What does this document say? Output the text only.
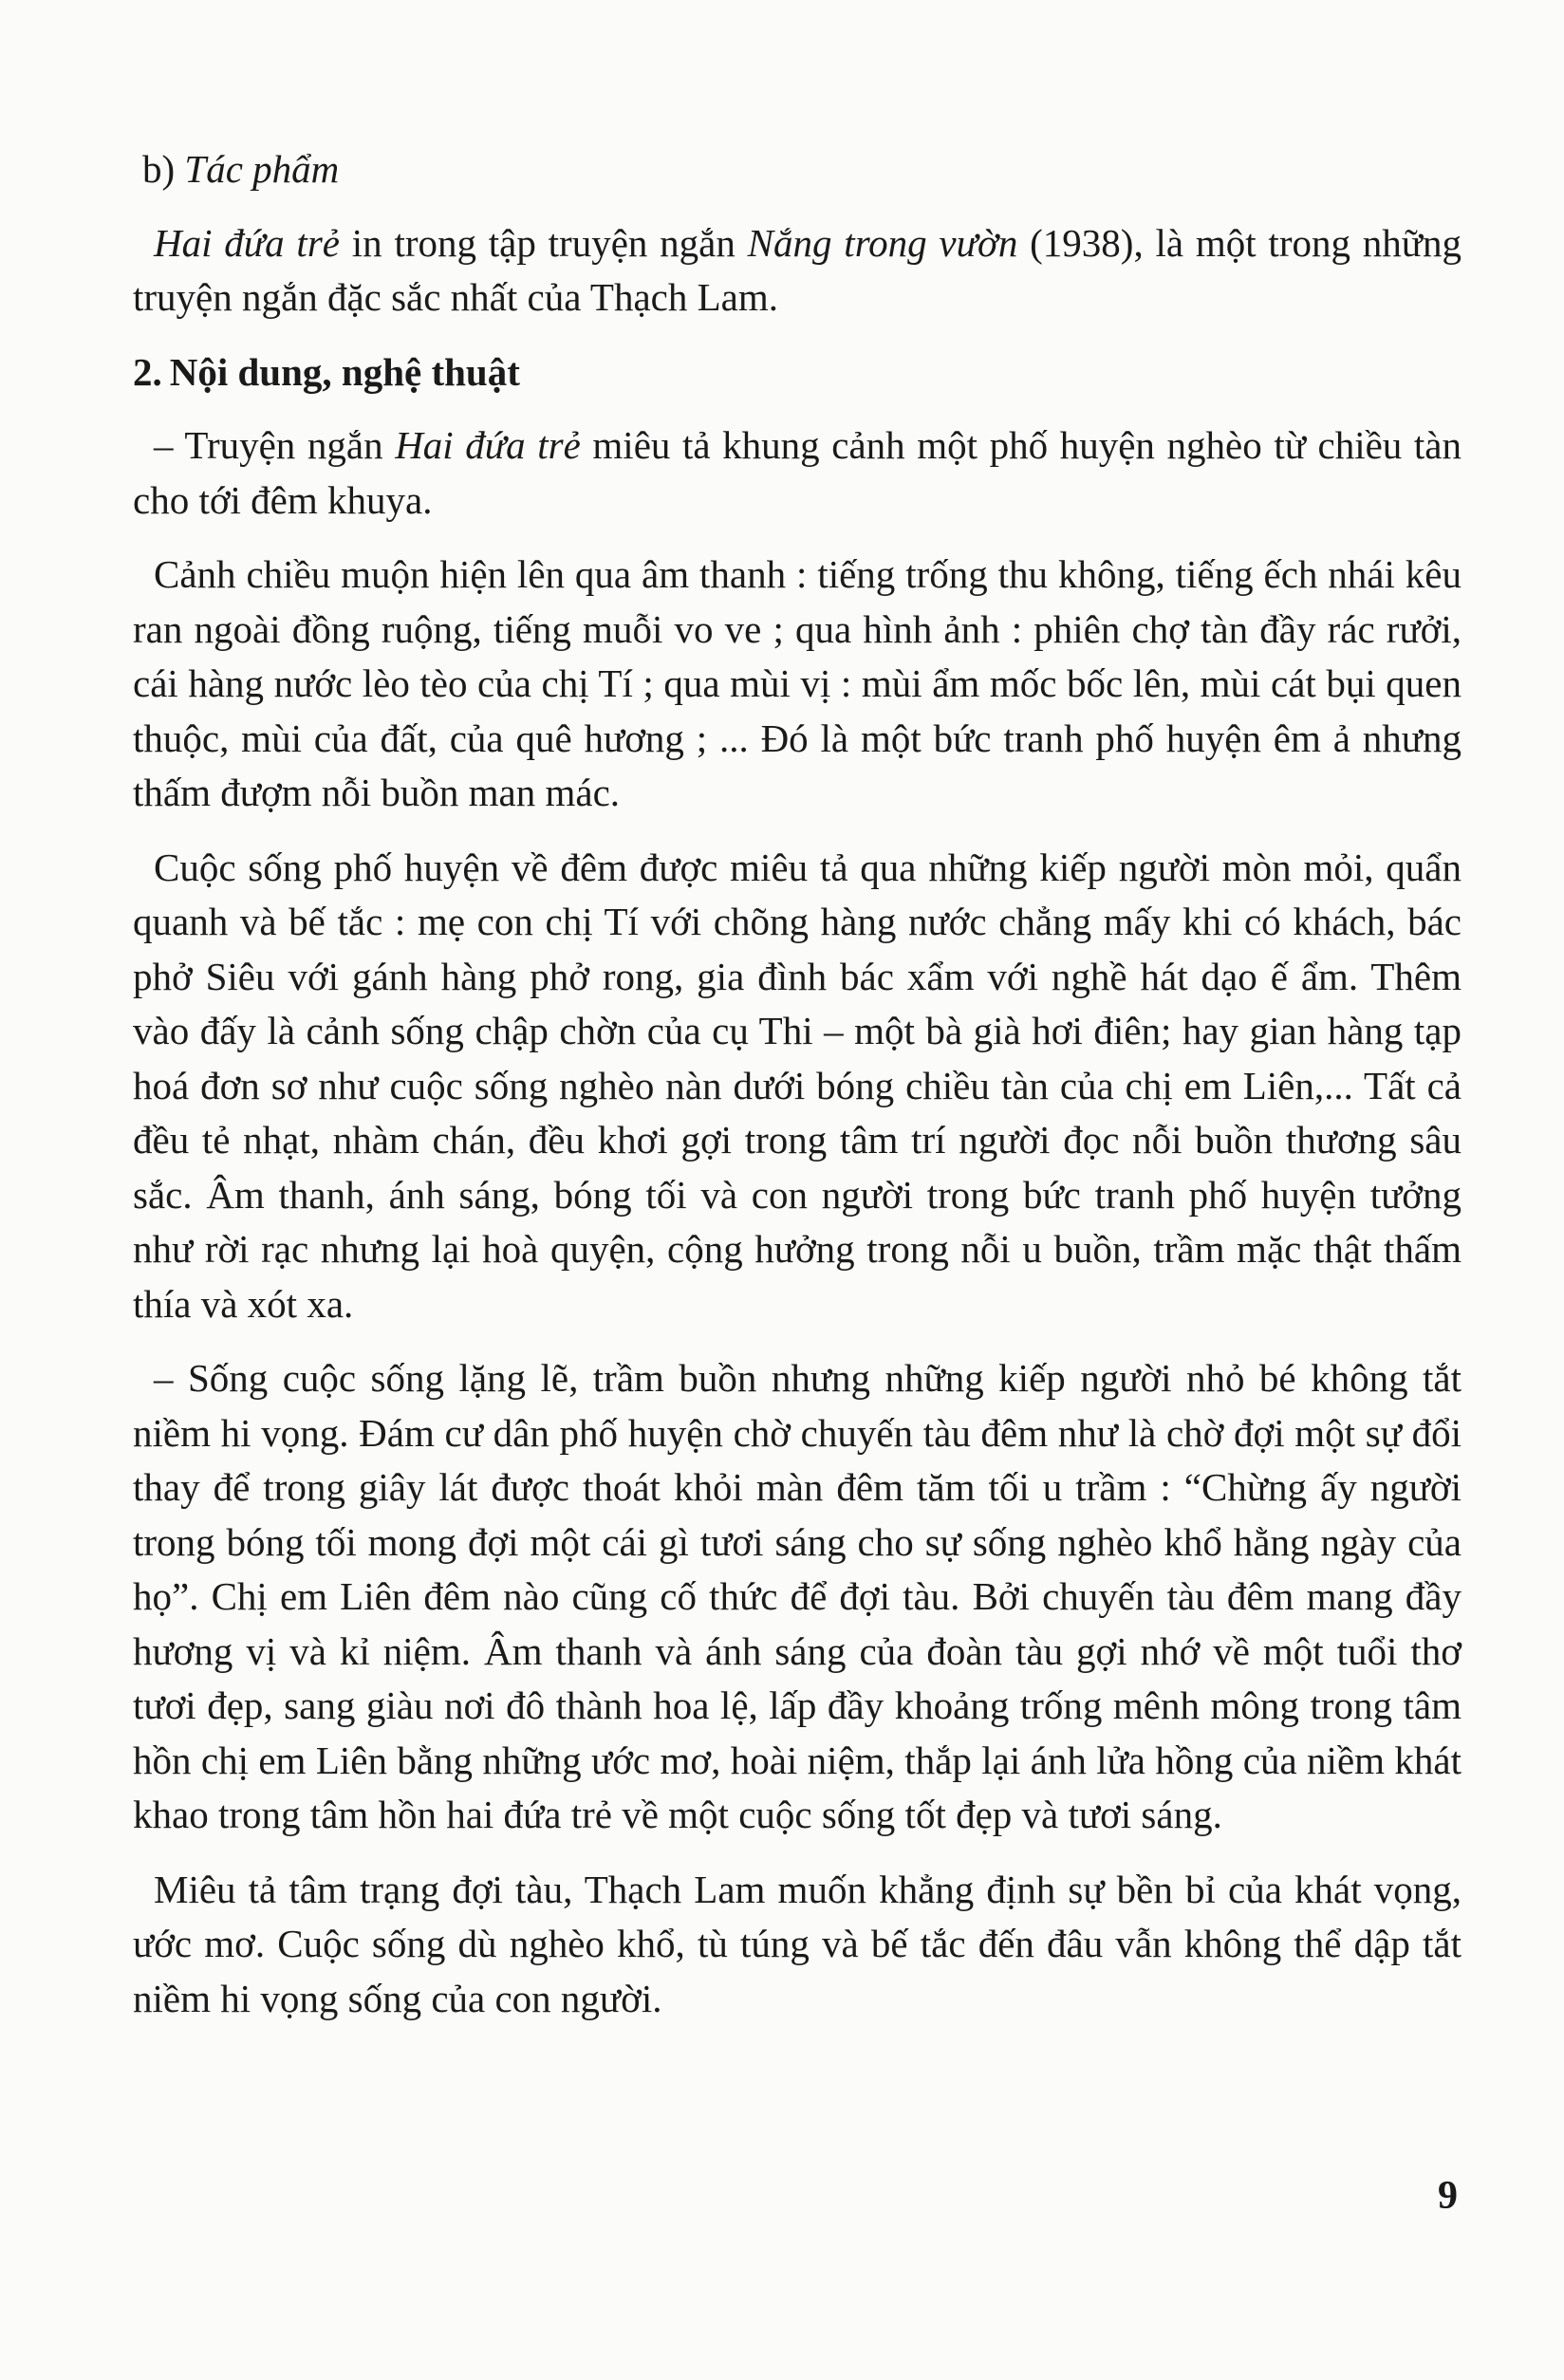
b) Tác phẩm

Hai đứa trẻ in trong tập truyện ngắn Nắng trong vườn (1938), là một trong những truyện ngắn đặc sắc nhất của Thạch Lam.

2. Nội dung, nghệ thuật

– Truyện ngắn Hai đứa trẻ miêu tả khung cảnh một phố huyện nghèo từ chiều tàn cho tới đêm khuya.

Cảnh chiều muộn hiện lên qua âm thanh : tiếng trống thu không, tiếng ếch nhái kêu ran ngoài đồng ruộng, tiếng muỗi vo ve ; qua hình ảnh : phiên chợ tàn đầy rác rưởi, cái hàng nước lèo tèo của chị Tí ; qua mùi vị : mùi ẩm mốc bốc lên, mùi cát bụi quen thuộc, mùi của đất, của quê hương ; ... Đó là một bức tranh phố huyện êm ả nhưng thấm đượm nỗi buồn man mác.

Cuộc sống phố huyện về đêm được miêu tả qua những kiếp người mòn mỏi, quẩn quanh và bế tắc : mẹ con chị Tí với chõng hàng nước chẳng mấy khi có khách, bác phở Siêu với gánh hàng phở rong, gia đình bác xẩm với nghề hát dạo ế ẩm. Thêm vào đấy là cảnh sống chập chờn của cụ Thi – một bà già hơi điên; hay gian hàng tạp hoá đơn sơ như cuộc sống nghèo nàn dưới bóng chiều tàn của chị em Liên,... Tất cả đều tẻ nhạt, nhàm chán, đều khơi gợi trong tâm trí người đọc nỗi buồn thương sâu sắc. Âm thanh, ánh sáng, bóng tối và con người trong bức tranh phố huyện tưởng như rời rạc nhưng lại hoà quyện, cộng hưởng trong nỗi u buồn, trầm mặc thật thấm thía và xót xa.

– Sống cuộc sống lặng lẽ, trầm buồn nhưng những kiếp người nhỏ bé không tắt niềm hi vọng. Đám cư dân phố huyện chờ chuyến tàu đêm như là chờ đợi một sự đổi thay để trong giây lát được thoát khỏi màn đêm tăm tối u trầm : “Chừng ấy người trong bóng tối mong đợi một cái gì tươi sáng cho sự sống nghèo khổ hằng ngày của họ”. Chị em Liên đêm nào cũng cố thức để đợi tàu. Bởi chuyến tàu đêm mang đầy hương vị và kỉ niệm. Âm thanh và ánh sáng của đoàn tàu gợi nhớ về một tuổi thơ tươi đẹp, sang giàu nơi đô thành hoa lệ, lấp đầy khoảng trống mênh mông trong tâm hồn chị em Liên bằng những ước mơ, hoài niệm, thắp lại ánh lửa hồng của niềm khát khao trong tâm hồn hai đứa trẻ về một cuộc sống tốt đẹp và tươi sáng.

Miêu tả tâm trạng đợi tàu, Thạch Lam muốn khẳng định sự bền bỉ của khát vọng, ước mơ. Cuộc sống dù nghèo khổ, tù túng và bế tắc đến đâu vẫn không thể dập tắt niềm hi vọng sống của con người.

9
